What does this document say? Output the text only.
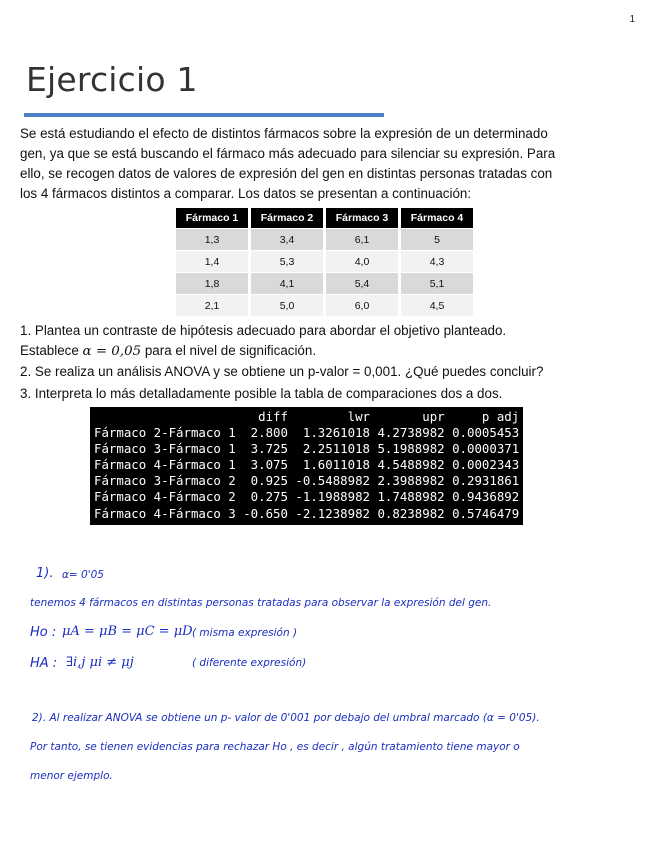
1
Ejercicio 1

Se está estudiando el efecto de distintos fármacos sobre la expresión de un determinado

gen, ya que se está buscando el fármaco más adecuado para silenciar su expresión. Para

ello, se recogen datos de valores de expresión del gen en distintas personas tratadas con

los 4 fármacos distintos a comparar. Los datos se presentan a continuación:

Fármaco 1	Fármaco 2	Fármaco 3	Fármaco 4
1,3	3,4	6,1	5
1,4	5,3	4,0	4,3
1,8	4,1	5,4	5,1
2,1	5,0	6,0	4,5

1. Plantea un contraste de hipótesis adecuado para abordar el objetivo planteado.

Establece α = 0,05 para el nivel de significación.

2. Se realiza un análisis ANOVA y se obtiene un p-valor = 0,001. ¿Qué puedes concluir?

3. Interpreta lo más detalladamente posible la tabla de comparaciones dos a dos.

diff        lwr       upr     p adj
Fármaco 2-Fármaco 1  2.800  1.3261018 4.2738982 0.0005453
Fármaco 3-Fármaco 1  3.725  2.2511018 5.1988982 0.0000371
Fármaco 4-Fármaco 1  3.075  1.6011018 4.5488982 0.0002343
Fármaco 3-Fármaco 2  0.925 -0.5488982 2.3988982 0.2931861
Fármaco 4-Fármaco 2  0.275 -1.1988982 1.7488982 0.9436892
Fármaco 4-Fármaco 3 -0.650 -2.1238982 0.8238982 0.5746479
1). α= 0'05
tenemos 4 fármacos en distintas personas tratadas para observar la expresión del gen.
Ho : μA = μB = μC = μD ( misma expresión )
HA : ∃i,j μi ≠ μj	( diferente expresión)
2). Al realizar ANOVA se obtiene un p- valor de 0'001 por debajo del umbral marcado (α = 0'05).
Por tanto, se tienen evidencias para rechazar Ho , es decir , algún tratamiento tiene mayor o
menor ejemplo.
